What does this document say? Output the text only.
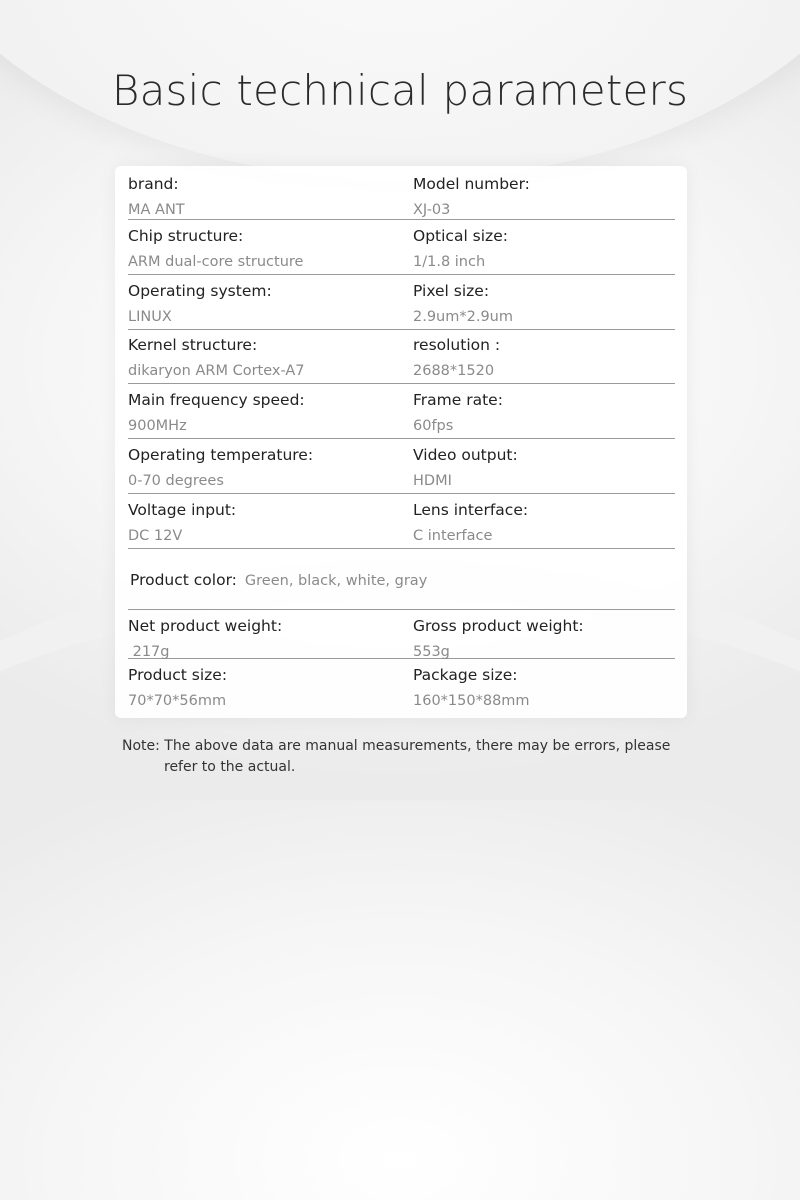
Basic technical parameters
brand:
MA ANT
Model number:
XJ-03
Chip structure:
ARM dual-core structure
Optical size:
1/1.8 inch
Operating system:
LINUX
Pixel size:
2.9um*2.9um
Kernel structure:
dikaryon ARM Cortex-A7
resolution :
2688*1520
Main frequency speed:
900MHz
Frame rate:
60fps
Operating temperature:
0-70 degrees
Video output:
HDMI
Voltage input:
DC 12V
Lens interface:
C interface
Product color: Green, black, white, gray
Net product weight:
217g
Gross product weight:
553g
Product size:
70*70*56mm
Package size:
160*150*88mm
Note: The above data are manual measurements, there may be errors, please
refer to the actual.
